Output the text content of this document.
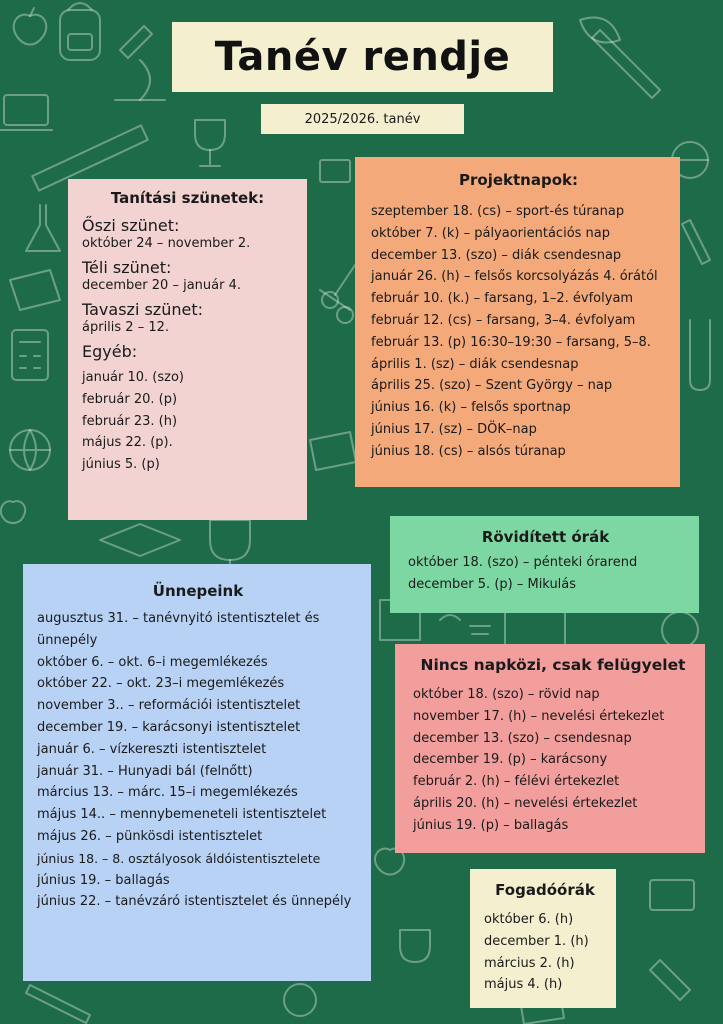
Tanév rendje
2025/2026. tanév
Tanítási szünetek:
Őszi szünet:
október 24 – november 2.
Téli szünet:
december 20 – január 4.
Tavaszi szünet:
április 2 – 12.
Egyéb:
január 10. (szo)
február 20. (p)
február 23. (h)
május 22. (p).
június 5. (p)
Projektnapok:
szeptember 18. (cs) – sport-és túranap
október 7. (k) – pályaorientációs nap
december 13. (szo) – diák csendesnap
január 26. (h) – felsős korcsolyázás 4. órától
február 10. (k.) – farsang, 1–2. évfolyam
február 12. (cs) – farsang, 3–4. évfolyam
február 13. (p) 16:30–19:30 – farsang, 5–8.
április 1. (sz) – diák csendesnap
április 25. (szo) – Szent György – nap
június 16. (k) – felsős sportnap
június 17. (sz) – DÖK–nap
június 18. (cs) – alsós túranap
Rövidített órák
október 18. (szo) – pénteki órarend
december 5. (p) – Mikulás
Ünnepeink
augusztus 31. – tanévnyitó istentisztelet és ünnepély
október 6. – okt. 6–i megemlékezés
október 22. – okt. 23–i megemlékezés
november 3.. – reformációi istentisztelet
december 19. – karácsonyi istentisztelet
január 6. – vízkereszti istentisztelet
január 31. – Hunyadi bál (felnőtt)
március 13. – márc. 15–i megemlékezés
május 14.. – mennybemeneteli istentisztelet
május 26. – pünkösdi istentisztelet
június 18. – 8. osztályosok áldóistentisztelete
június 19. – ballagás
június 22. – tanévzáró istentisztelet és ünnepély
Nincs napközi, csak felügyelet
október 18. (szo) – rövid nap
november 17. (h) – nevelési értekezlet
december 13. (szo) – csendesnap
december 19. (p) – karácsony
február 2. (h) – félévi értekezlet
április 20. (h) – nevelési értekezlet
június 19. (p) – ballagás
Fogadóórák
október 6. (h)
december 1. (h)
március 2. (h)
május 4. (h)
